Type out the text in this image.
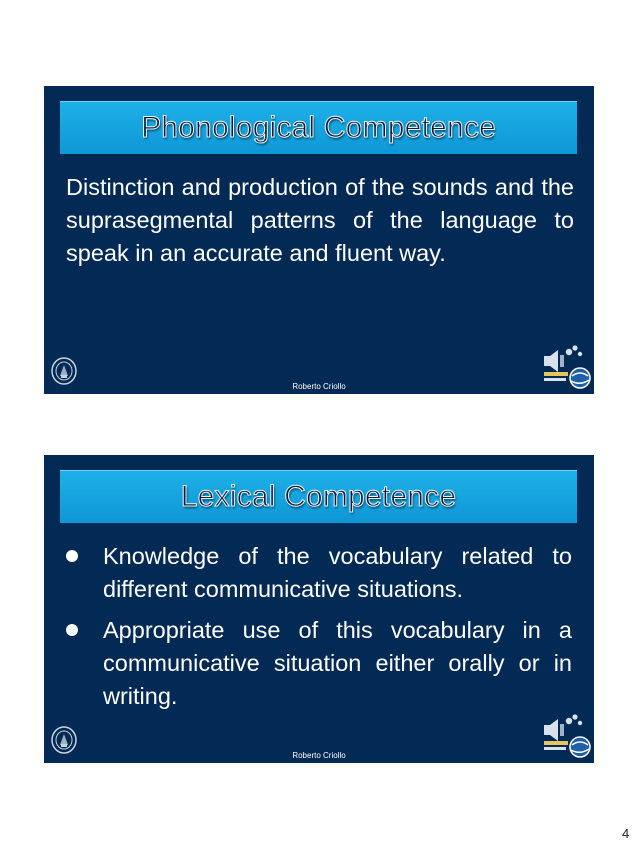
Phonological Competence
Distinction and production of the sounds and the suprasegmental patterns of the language to speak in an accurate and fluent way.
Roberto Criollo
Lexical Competence
Knowledge of the vocabulary related to different communicative situations.
Appropriate use of this vocabulary in a communicative situation either orally or in writing.
Roberto Criollo
4
